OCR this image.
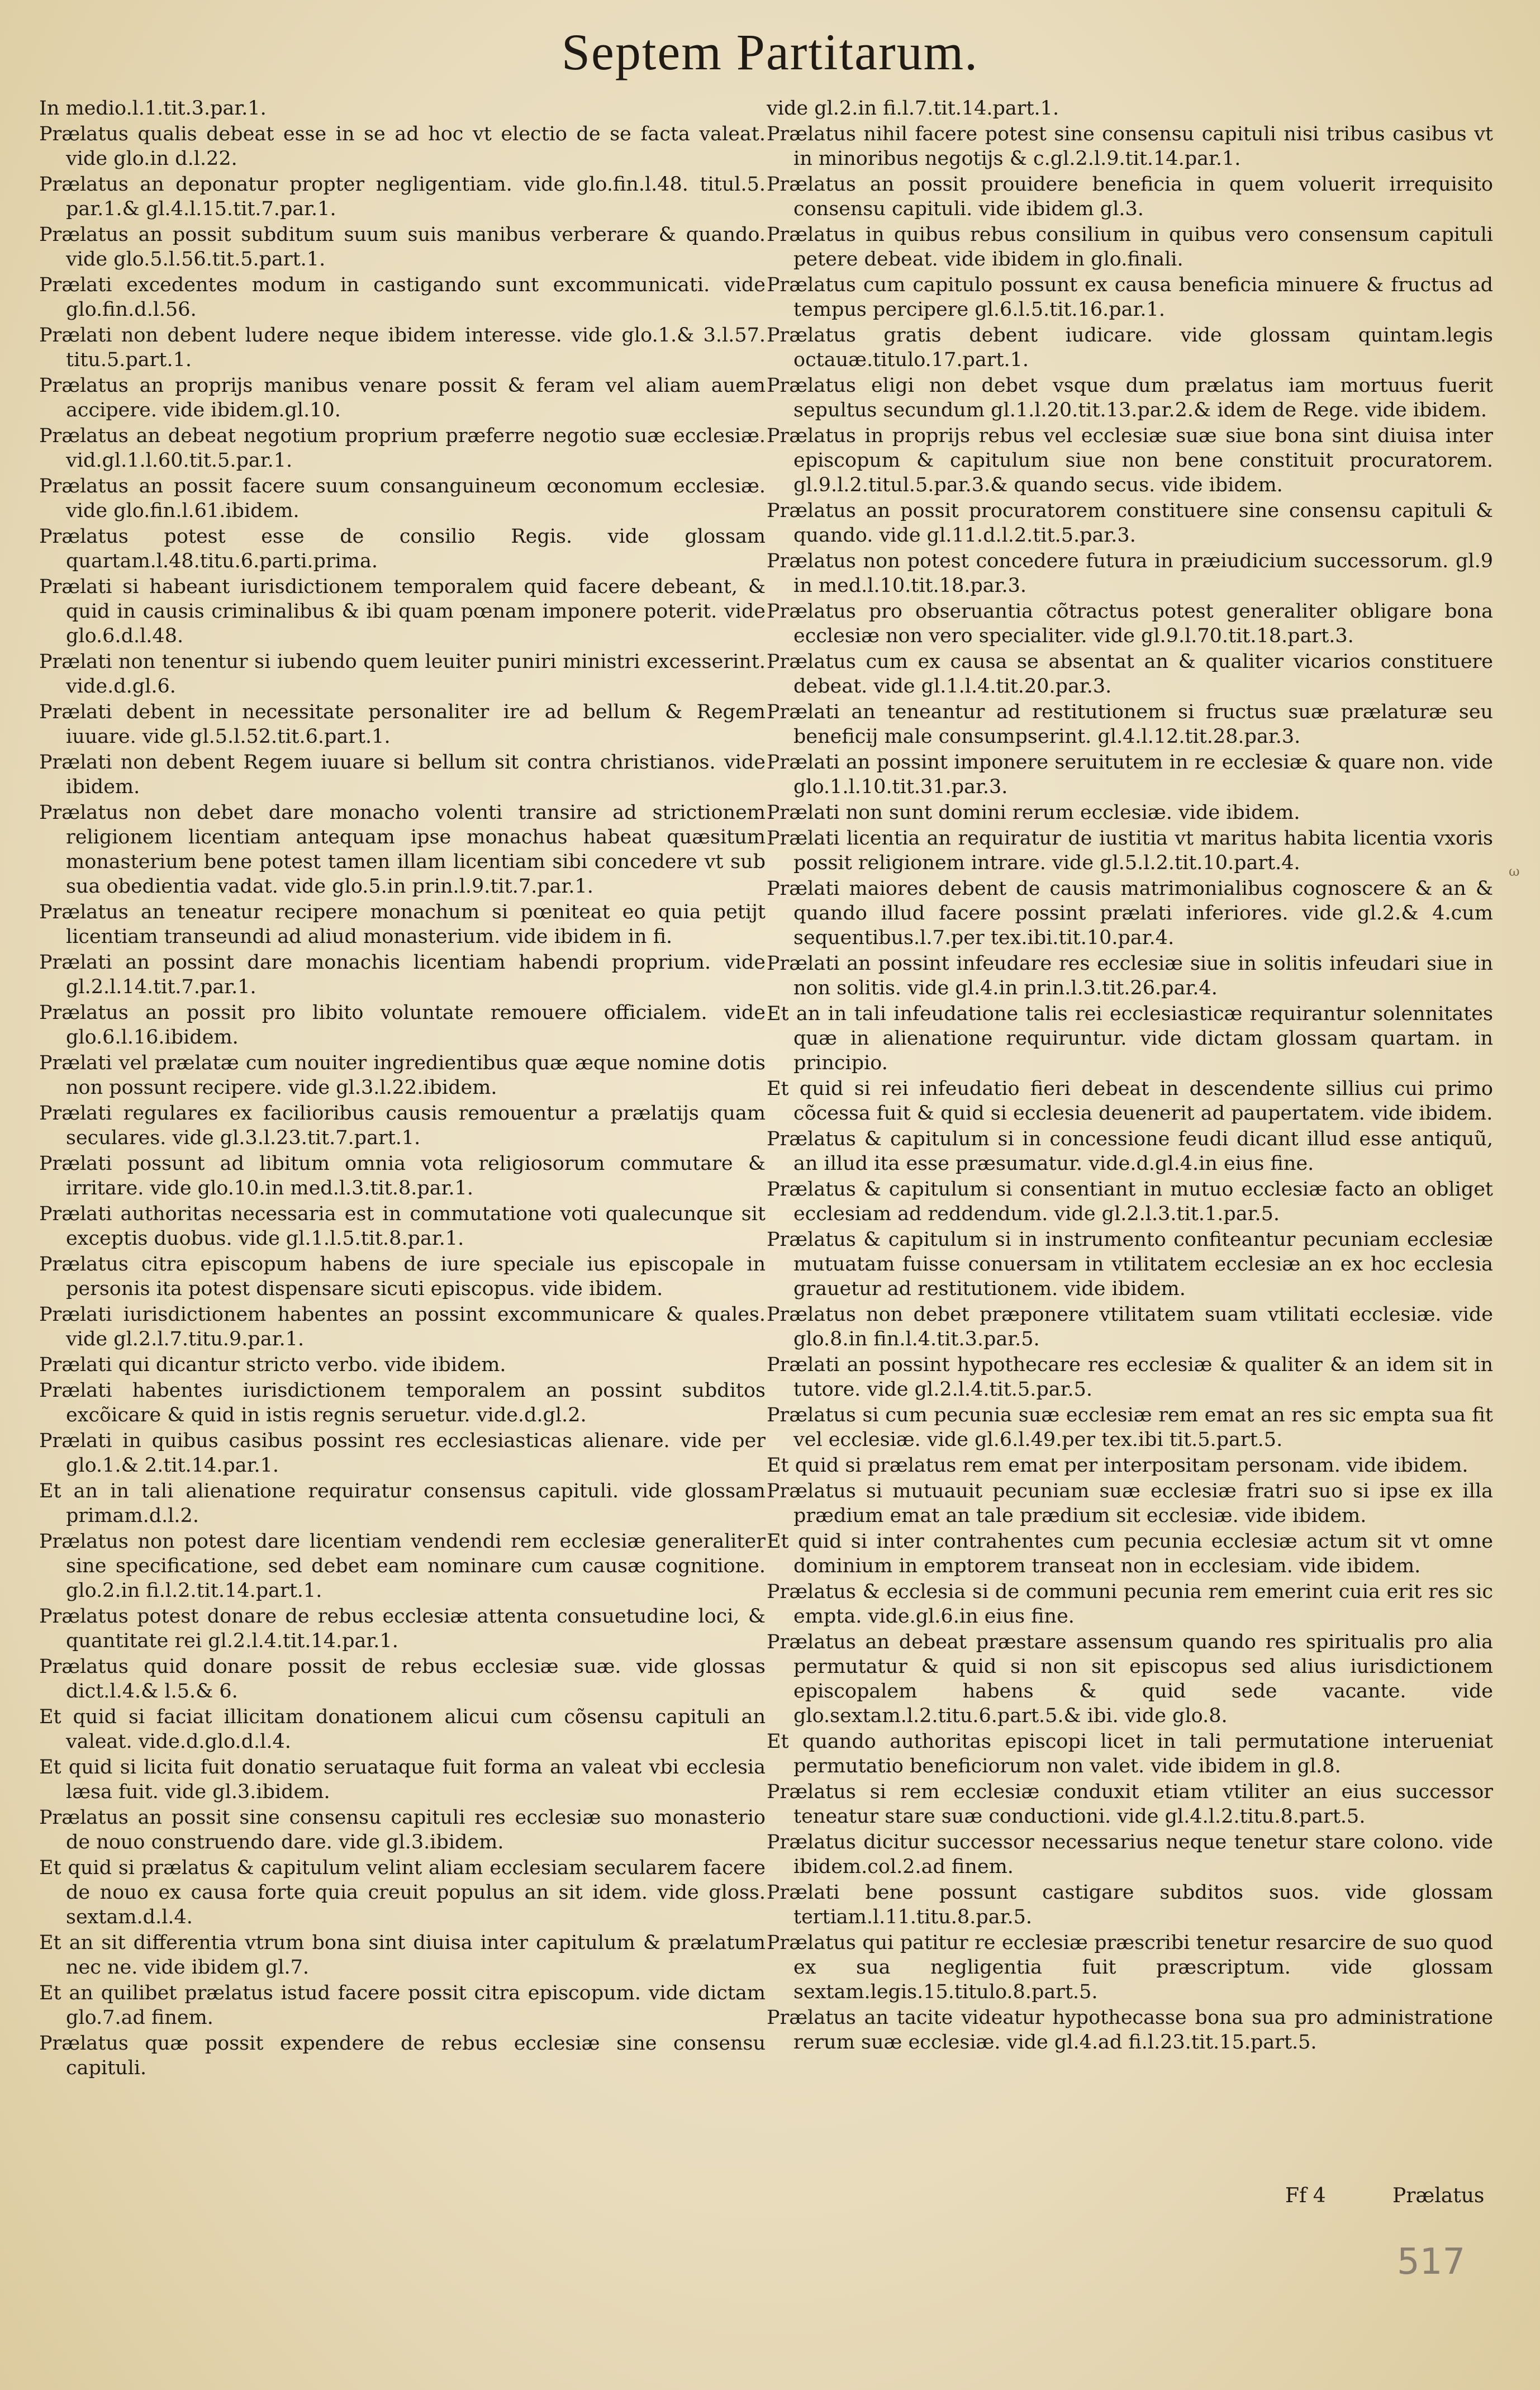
Septem Partitarum.

In medio.l.1.tit.3.par.1.

Prælatus qualis debeat esse in se ad hoc vt electio de se facta valeat. vide glo.in d.l.22.

Prælatus an deponatur propter negligentiam. vide glo.fin.l.48. titul.5. par.1.& gl.4.l.15.tit.7.par.1.

Prælatus an possit subditum suum suis manibus verberare & quando. vide glo.5.l.56.tit.5.part.1.

Prælati excedentes modum in castigando sunt excommunicati. vide glo.fin.d.l.56.

Prælati non debent ludere neque ibidem interesse. vide glo.1.& 3.l.57. titu.5.part.1.

Prælatus an proprijs manibus venare possit & feram vel aliam auem accipere. vide ibidem.gl.10.

Prælatus an debeat negotium proprium præferre negotio suæ ecclesiæ. vid.gl.1.l.60.tit.5.par.1.

Prælatus an possit facere suum consanguineum œconomum ecclesiæ. vide glo.fin.l.61.ibidem.

Prælatus potest esse de consilio Regis. vide glossam quartam.l.48.titu.6.parti.prima.

Prælati si habeant iurisdictionem temporalem quid facere debeant, & quid in causis criminalibus & ibi quam pœnam imponere poterit. vide glo.6.d.l.48.

Prælati non tenentur si iubendo quem leuiter puniri ministri excesserint. vide.d.gl.6.

Prælati debent in necessitate personaliter ire ad bellum & Regem iuuare. vide gl.5.l.52.tit.6.part.1.

Prælati non debent Regem iuuare si bellum sit contra christianos. vide ibidem.

Prælatus non debet dare monacho volenti transire ad strictionem religionem licentiam antequam ipse monachus habeat quæsitum monasterium bene potest tamen illam licentiam sibi concedere vt sub sua obedientia vadat. vide glo.5.in prin.l.9.tit.7.par.1.

Prælatus an teneatur recipere monachum si pœniteat eo quia petijt licentiam transeundi ad aliud monasterium. vide ibidem in fi.

Prælati an possint dare monachis licentiam habendi proprium. vide gl.2.l.14.tit.7.par.1.

Prælatus an possit pro libito voluntate remouere officialem. vide glo.6.l.16.ibidem.

Prælati vel prælatæ cum nouiter ingredientibus quæ æque nomine dotis non possunt recipere. vide gl.3.l.22.ibidem.

Prælati regulares ex facilioribus causis remouentur a prælatijs quam seculares. vide gl.3.l.23.tit.7.part.1.

Prælati possunt ad libitum omnia vota religiosorum commutare & irritare. vide glo.10.in med.l.3.tit.8.par.1.

Prælati authoritas necessaria est in commutatione voti qualecunque sit exceptis duobus. vide gl.1.l.5.tit.8.par.1.

Prælatus citra episcopum habens de iure speciale ius episcopale in personis ita potest dispensare sicuti episcopus. vide ibidem.

Prælati iurisdictionem habentes an possint excommunicare & quales. vide gl.2.l.7.titu.9.par.1.

Prælati qui dicantur stricto verbo. vide ibidem.

Prælati habentes iurisdictionem temporalem an possint subditos excõicare & quid in istis regnis seruetur. vide.d.gl.2.

Prælati in quibus casibus possint res ecclesiasticas alienare. vide per glo.1.& 2.tit.14.par.1.

Et an in tali alienatione requiratur consensus capituli. vide glossam primam.d.l.2.

Prælatus non potest dare licentiam vendendi rem ecclesiæ generaliter sine specificatione, sed debet eam nominare cum causæ cognitione. glo.2.in fi.l.2.tit.14.part.1.

Prælatus potest donare de rebus ecclesiæ attenta consuetudine loci, & quantitate rei gl.2.l.4.tit.14.par.1.

Prælatus quid donare possit de rebus ecclesiæ suæ. vide glossas dict.l.4.& l.5.& 6.

Et quid si faciat illicitam donationem alicui cum cõsensu capituli an valeat. vide.d.glo.d.l.4.

Et quid si licita fuit donatio seruataque fuit forma an valeat vbi ecclesia læsa fuit. vide gl.3.ibidem.

Prælatus an possit sine consensu capituli res ecclesiæ suo monasterio de nouo construendo dare. vide gl.3.ibidem.

Et quid si prælatus & capitulum velint aliam ecclesiam secularem facere de nouo ex causa forte quia creuit populus an sit idem. vide gloss. sextam.d.l.4.

Et an sit differentia vtrum bona sint diuisa inter capitulum & prælatum nec ne. vide ibidem gl.7.

Et an quilibet prælatus istud facere possit citra episcopum. vide dictam glo.7.ad finem.

Prælatus quæ possit expendere de rebus ecclesiæ sine consensu capituli.

vide gl.2.in fi.l.7.tit.14.part.1.

Prælatus nihil facere potest sine consensu capituli nisi tribus casibus vt in minoribus negotijs & c.gl.2.l.9.tit.14.par.1.

Prælatus an possit prouidere beneficia in quem voluerit irrequisito consensu capituli. vide ibidem gl.3.

Prælatus in quibus rebus consilium in quibus vero consensum capituli petere debeat. vide ibidem in glo.finali.

Prælatus cum capitulo possunt ex causa beneficia minuere & fructus ad tempus percipere gl.6.l.5.tit.16.par.1.

Prælatus gratis debent iudicare. vide glossam quintam.legis octauæ.titulo.17.part.1.

Prælatus eligi non debet vsque dum prælatus iam mortuus fuerit sepultus secundum gl.1.l.20.tit.13.par.2.& idem de Rege. vide ibidem.

Prælatus in proprijs rebus vel ecclesiæ suæ siue bona sint diuisa inter episcopum & capitulum siue non bene constituit procuratorem. gl.9.l.2.titul.5.par.3.& quando secus. vide ibidem.

Prælatus an possit procuratorem constituere sine consensu capituli & quando. vide gl.11.d.l.2.tit.5.par.3.

Prælatus non potest concedere futura in præiudicium successorum. gl.9 in med.l.10.tit.18.par.3.

Prælatus pro obseruantia cõtractus potest generaliter obligare bona ecclesiæ non vero specialiter. vide gl.9.l.70.tit.18.part.3.

Prælatus cum ex causa se absentat an & qualiter vicarios constituere debeat. vide gl.1.l.4.tit.20.par.3.

Prælati an teneantur ad restitutionem si fructus suæ prælaturæ seu beneficij male consumpserint. gl.4.l.12.tit.28.par.3.

Prælati an possint imponere seruitutem in re ecclesiæ & quare non. vide glo.1.l.10.tit.31.par.3.

Prælati non sunt domini rerum ecclesiæ. vide ibidem.

Prælati licentia an requiratur de iustitia vt maritus habita licentia vxoris possit religionem intrare. vide gl.5.l.2.tit.10.part.4.

Prælati maiores debent de causis matrimonialibus cognoscere & an & quando illud facere possint prælati inferiores. vide gl.2.& 4.cum sequentibus.l.7.per tex.ibi.tit.10.par.4.

Prælati an possint infeudare res ecclesiæ siue in solitis infeudari siue in non solitis. vide gl.4.in prin.l.3.tit.26.par.4.

Et an in tali infeudatione talis rei ecclesiasticæ requirantur solennitates quæ in alienatione requiruntur. vide dictam glossam quartam. in principio.

Et quid si rei infeudatio fieri debeat in descendente sillius cui primo cõcessa fuit & quid si ecclesia deuenerit ad paupertatem. vide ibidem.

Prælatus & capitulum si in concessione feudi dicant illud esse antiquũ, an illud ita esse præsumatur. vide.d.gl.4.in eius fine.

Prælatus & capitulum si consentiant in mutuo ecclesiæ facto an obliget ecclesiam ad reddendum. vide gl.2.l.3.tit.1.par.5.

Prælatus & capitulum si in instrumento confiteantur pecuniam ecclesiæ mutuatam fuisse conuersam in vtilitatem ecclesiæ an ex hoc ecclesia grauetur ad restitutionem. vide ibidem.

Prælatus non debet præponere vtilitatem suam vtilitati ecclesiæ. vide glo.8.in fin.l.4.tit.3.par.5.

Prælati an possint hypothecare res ecclesiæ & qualiter & an idem sit in tutore. vide gl.2.l.4.tit.5.par.5.

Prælatus si cum pecunia suæ ecclesiæ rem emat an res sic empta sua fit vel ecclesiæ. vide gl.6.l.49.per tex.ibi tit.5.part.5.

Et quid si prælatus rem emat per interpositam personam. vide ibidem.

Prælatus si mutuauit pecuniam suæ ecclesiæ fratri suo si ipse ex illa prædium emat an tale prædium sit ecclesiæ. vide ibidem.

Et quid si inter contrahentes cum pecunia ecclesiæ actum sit vt omne dominium in emptorem transeat non in ecclesiam. vide ibidem.

Prælatus & ecclesia si de communi pecunia rem emerint cuia erit res sic empta. vide.gl.6.in eius fine.

Prælatus an debeat præstare assensum quando res spiritualis pro alia permutatur & quid si non sit episcopus sed alius iurisdictionem episcopalem habens & quid sede vacante. vide glo.sextam.l.2.titu.6.part.5.& ibi. vide glo.8.

Et quando authoritas episcopi licet in tali permutatione interueniat permutatio beneficiorum non valet. vide ibidem in gl.8.

Prælatus si rem ecclesiæ conduxit etiam vtiliter an eius successor teneatur stare suæ conductioni. vide gl.4.l.2.titu.8.part.5.

Prælatus dicitur successor necessarius neque tenetur stare colono. vide ibidem.col.2.ad finem.

Prælati bene possunt castigare subditos suos. vide glossam tertiam.l.11.titu.8.par.5.

Prælatus qui patitur re ecclesiæ præscribi tenetur resarcire de suo quod ex sua negligentia fuit præscriptum. vide glossam sextam.legis.15.titulo.8.part.5.

Prælatus an tacite videatur hypothecasse bona sua pro administratione rerum suæ ecclesiæ. vide gl.4.ad fi.l.23.tit.15.part.5.

ω
Ff 4	Prælatus
517
